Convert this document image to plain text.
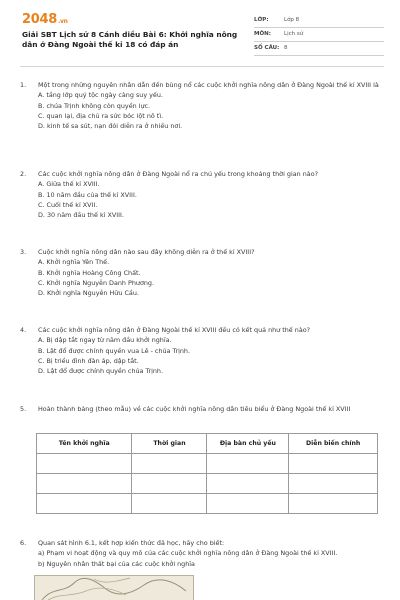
2048.vn
Giải SBT Lịch sử 8 Cánh diều Bài 6: Khởi nghĩa nông dân ở Đàng Ngoài thế kỉ 18 có đáp án
LỚP:	Lớp 8
MÔN: Lịch sử
SỐ CÂU: 8
1. Một trong những nguyên nhân dẫn đến bùng nổ các cuộc khởi nghĩa nông dân ở Đàng Ngoài thế kỉ XVIII là
A. tầng lớp quý tộc ngày càng suy yếu.
B. chúa Trịnh không còn quyền lực.
C. quan lại, địa chủ ra sức bóc lột nô tì.
D. kinh tế sa sút, nạn đói diễn ra ở nhiều nơi.
2. Các cuộc khởi nghĩa nông dân ở Đàng Ngoài nổ ra chủ yếu trong khoảng thời gian nào?
A. Giữa thế kỉ XVIII.
B. 10 năm đầu của thế kỉ XVIII.
C. Cuối thế kỉ XVII.
D. 30 năm đầu thế kỉ XVIII.
3. Cuộc khởi nghĩa nông dân nào sau đây không diễn ra ở thế kỉ XVIII?
A. Khởi nghĩa Yên Thế.
B. Khởi nghĩa Hoàng Công Chất.
C. Khởi nghĩa Nguyễn Danh Phương.
D. Khởi nghĩa Nguyễn Hữu Cầu.
4. Các cuộc khởi nghĩa nông dân ở Đàng Ngoài thế kỉ XVIII đều có kết quả như thế nào?
A. Bị dập tắt ngay từ năm đầu khởi nghĩa.
B. Lật đổ được chính quyền vua Lê - chúa Trịnh.
C. Bị triều đình đàn áp, dập tắt.
D. Lật đổ được chính quyền chúa Trịnh.
5. Hoàn thành bảng (theo mẫu) về các cuộc khởi nghĩa nông dân tiêu biểu ở Đàng Ngoài thế kỉ XVIII
Tên khởi nghĩa	Thời gian	Địa bàn chủ yếu	Diễn biến chính

6. Quan sát hình 6.1, kết hợp kiến thức đã học, hãy cho biết:
a) Phạm vi hoạt động và quy mô của các cuộc khởi nghĩa nông dân ở Đàng Ngoài thế kỉ XVIII.
b) Nguyên nhân thất bại của các cuộc khởi nghĩa
